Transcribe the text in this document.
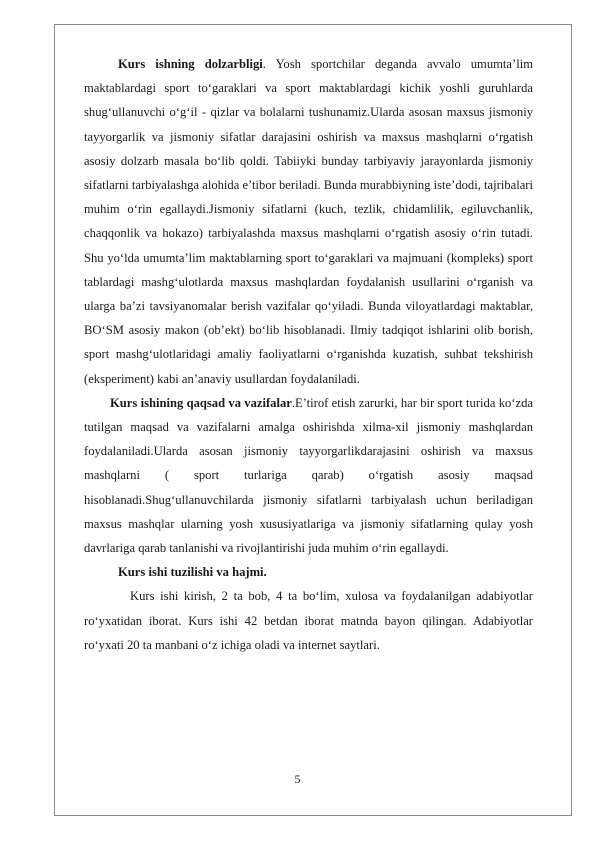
Kurs ishning dolzarbligi. Yosh sportchilar deganda avvalo umumta’lim maktablardagi sport to‘garaklari va sport maktablardagi kichik yoshli guruhlarda shug‘ullanuvchi o‘g‘il - qizlar va bolalarni tushunamiz.Ularda asosan maxsus jismoniy tayyorgarlik va jismoniy sifatlar darajasini oshirish va maxsus mashqlarni o‘rgatish asosiy dolzarb masala bo‘lib qoldi. Tabiiyki bunday tarbiyaviy jarayonlarda jismoniy sifatlarni tarbiyalashga alohida e’tibor beriladi. Bunda murabbiyning iste’dodi, tajribalari muhim o‘rin egallaydi.Jismoniy sifatlarni (kuch, tezlik, chidamlilik, egiluvchanlik, chaqqonlik va hokazo) tarbiyalashda maxsus mashqlarni o‘rgatish asosiy o‘rin tutadi. Shu yo‘lda umumta’lim maktablarning sport to‘garaklari va majmuani (kompleks) sport tablardagi mashg‘ulotlarda maxsus mashqlardan foydalanish usullarini o‘rganish va ularga ba’zi tavsiyanomalar berish vazifalar qo‘yiladi. Bunda viloyatlardagi maktablar, BO‘SM asosiy makon (ob’ekt) bo‘lib hisoblanadi. Ilmiy tadqiqot ishlarini olib borish, sport mashg‘ulotlaridagi amaliy faoliyatlarni o‘rganishda kuzatish, suhbat tekshirish (eksperiment) kabi an’anaviy usullardan foydalaniladi.

Kurs ishining qaqsad va vazifalar.E’tirof etish zarurki, har bir sport turida ko‘zda tutilgan maqsad va vazifalarni amalga oshirishda xilma-xil jismoniy mashqlardan foydalaniladi.Ularda asosan jismoniy tayyorgarlikdarajasini oshirish va maxsus mashqlarni ( sport turlariga qarab) o‘rgatish asosiy maqsad hisoblanadi.Shug‘ullanuvchilarda jismoniy sifatlarni tarbiyalash uchun beriladigan maxsus mashqlar ularning yosh xususiyatlariga va jismoniy sifatlarning qulay yosh davrlariga qarab tanlanishi va rivojlantirishi juda muhim o‘rin egallaydi.

Kurs ishi tuzilishi va hajmi.

Kurs ishi kirish, 2 ta bob, 4 ta bo‘lim, xulosa va foydalanilgan adabiyotlar ro‘yxatidan iborat. Kurs ishi 42 betdan iborat matnda bayon qilingan. Adabiyotlar ro‘yxati 20 ta manbani o‘z ichiga oladi va internet saytlari.

5
